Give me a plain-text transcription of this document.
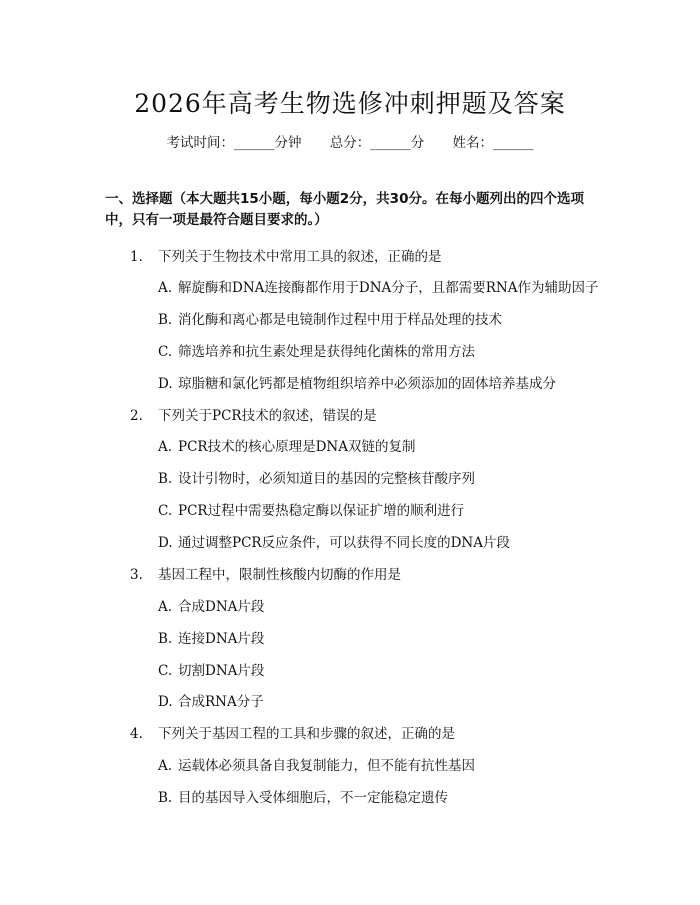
2026年高考生物选修冲刺押题及答案
考试时间：______分钟 总分：______分 姓名：______

一、选择题（本大题共15小题，每小题2分，共30分。在每小题列出的四个选项中，只有一项是最符合题目要求的。）

1. 下列关于生物技术中常用工具的叙述，正确的是
A. 解旋酶和DNA连接酶都作用于DNA分子，且都需要RNA作为辅助因子
B. 消化酶和离心都是电镜制作过程中用于样品处理的技术
C. 筛选培养和抗生素处理是获得纯化菌株的常用方法
D. 琼脂糖和氯化钙都是植物组织培养中必须添加的固体培养基成分
2. 下列关于PCR技术的叙述，错误的是
A. PCR技术的核心原理是DNA双链的复制
B. 设计引物时，必须知道目的基因的完整核苷酸序列
C. PCR过程中需要热稳定酶以保证扩增的顺利进行
D. 通过调整PCR反应条件，可以获得不同长度的DNA片段
3. 基因工程中，限制性核酸内切酶的作用是
A. 合成DNA片段
B. 连接DNA片段
C. 切割DNA片段
D. 合成RNA分子
4. 下列关于基因工程的工具和步骤的叙述，正确的是
A. 运载体必须具备自我复制能力，但不能有抗性基因
B. 目的基因导入受体细胞后，不一定能稳定遗传
